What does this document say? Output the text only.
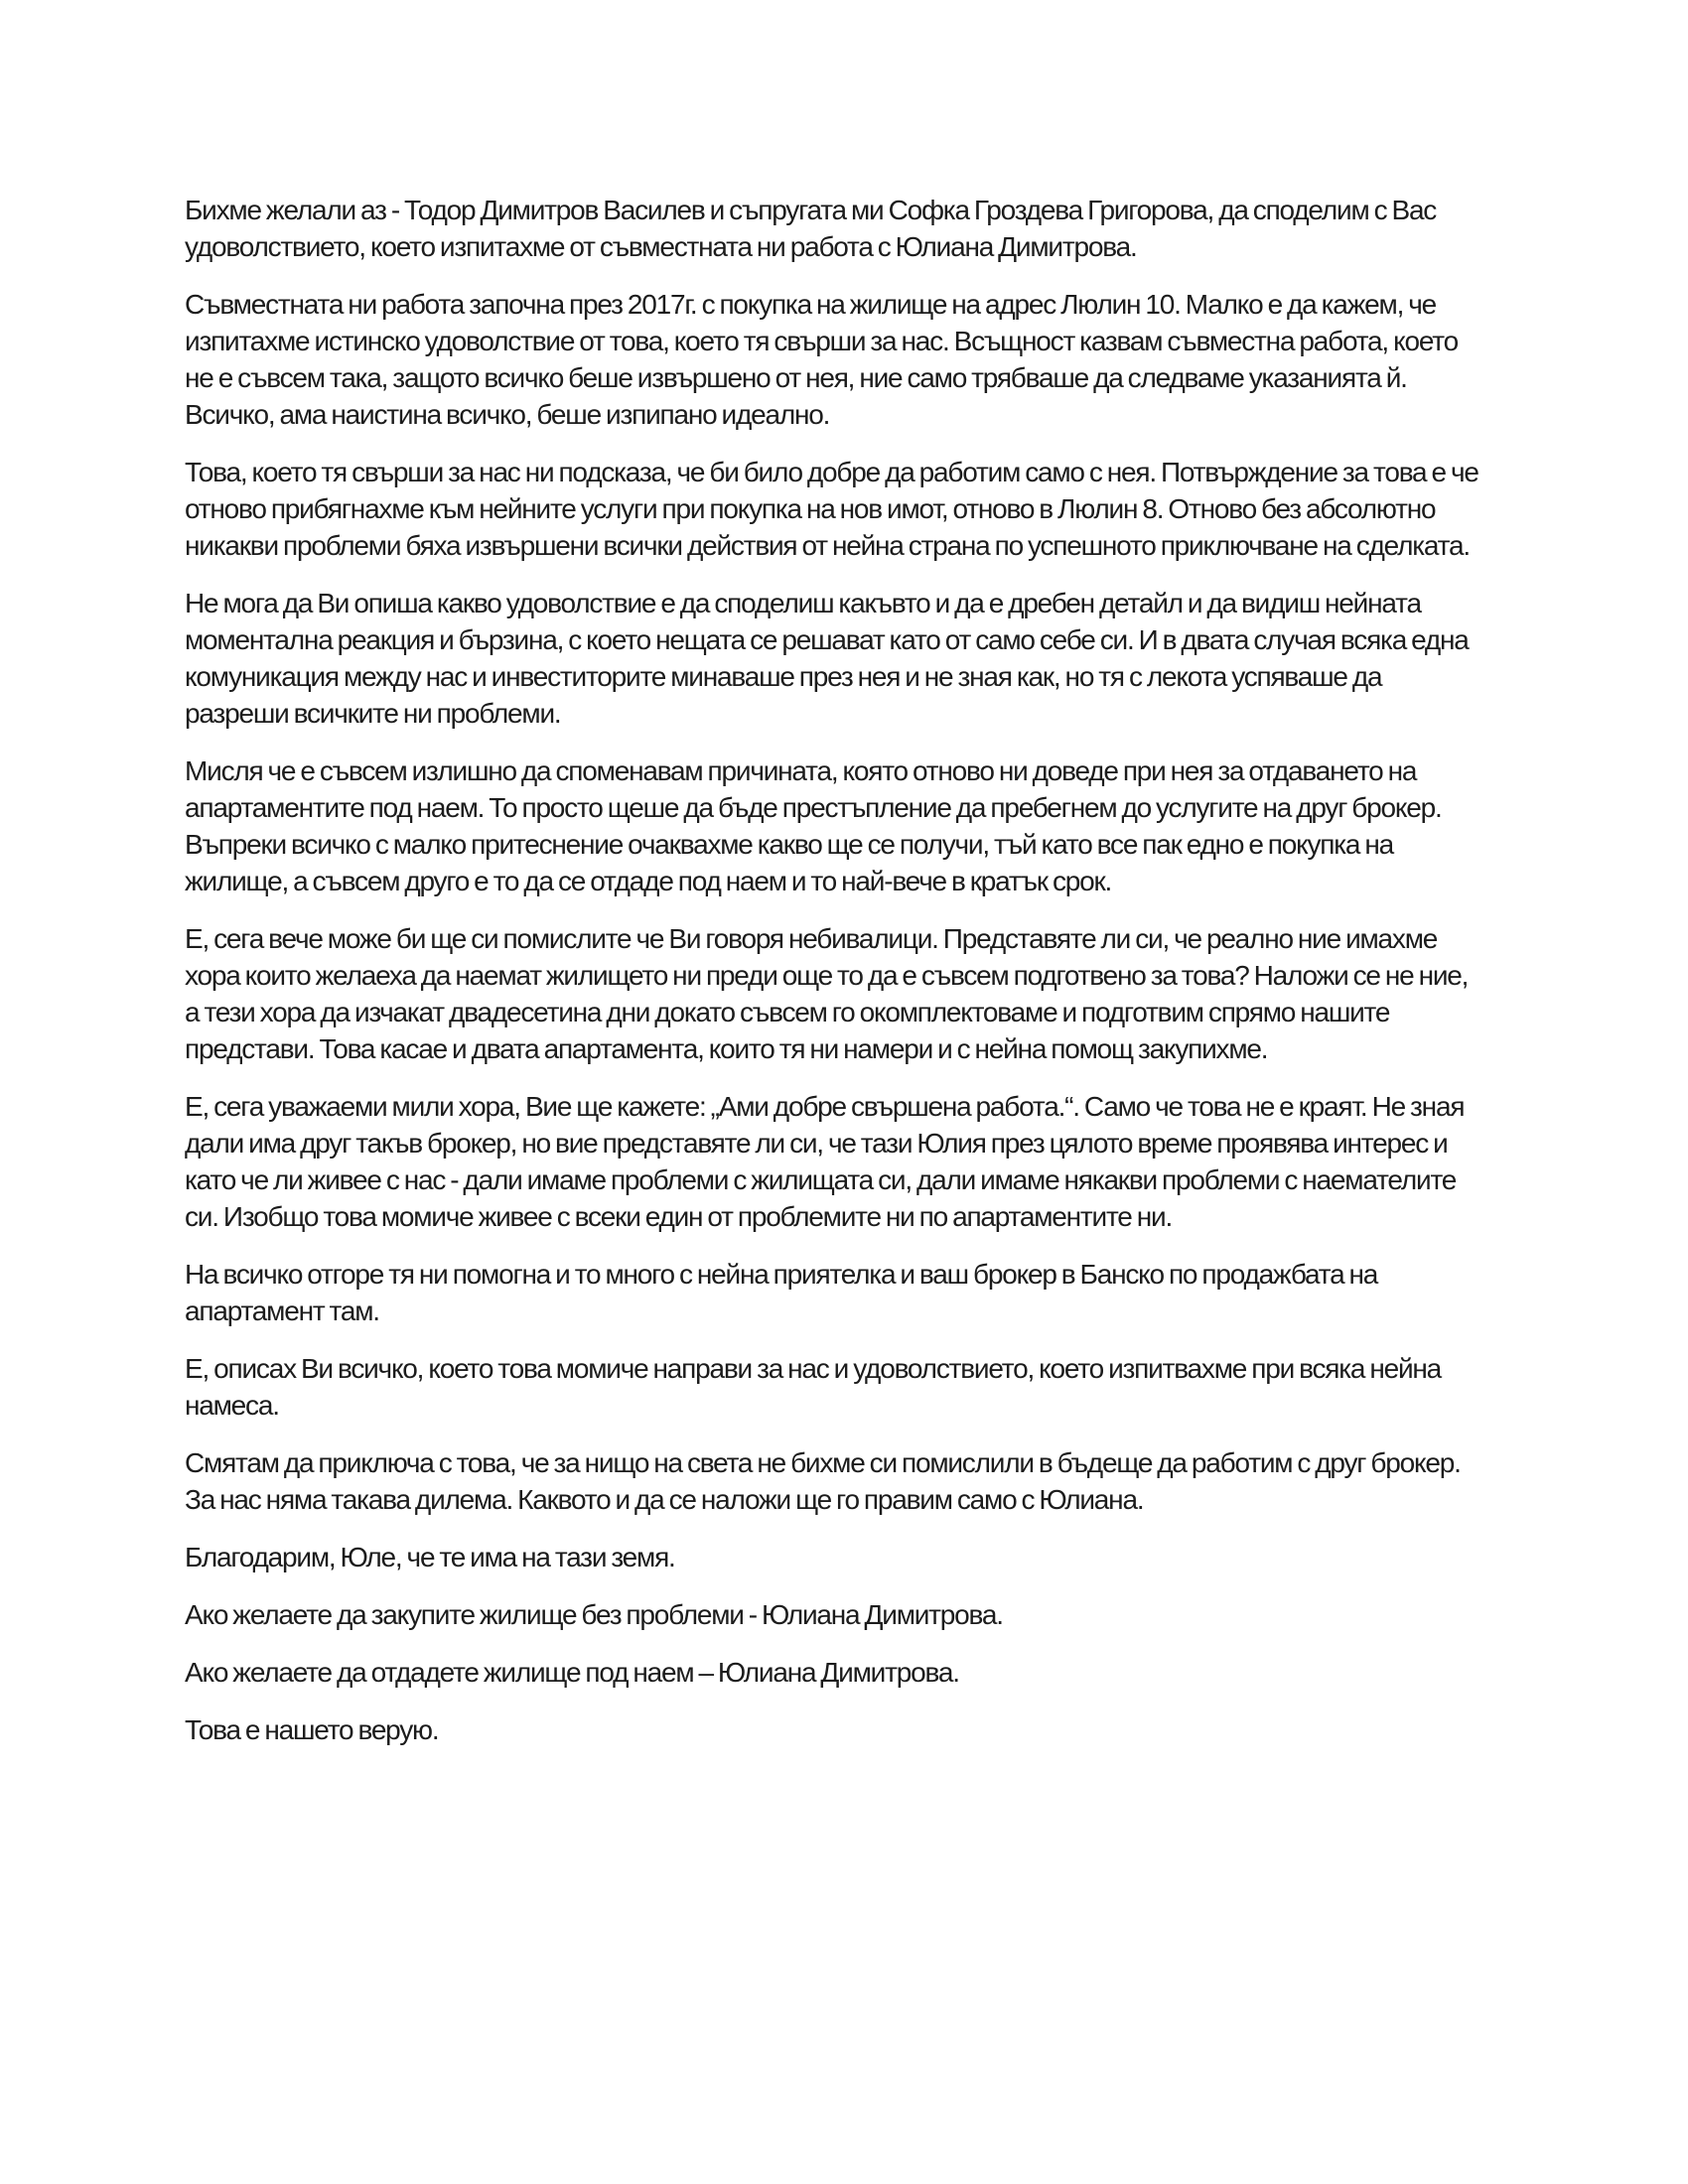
Бихме желали аз - Тодор Димитров Василев и съпругата ми Софка Гроздева Григорова, да споделим с Вас удоволствието, което изпитахме от съвместната ни работа с Юлиана Димитрова.

Съвместната ни работа започна през 2017г. с покупка на жилище на адрес Люлин 10. Малко е да кажем, че изпитахме истинско удоволствие от това, което тя свърши за нас. Всъщност казвам съвместна работа, което не е съвсем така, защото всичко беше извършено от нея, ние само трябваше да следваме указанията й. Всичко, ама наистина всичко, беше изпипано идеално.

Това, което тя свърши за нас ни подсказа, че би било добре да работим само с нея. Потвърждение за това е че отново прибягнахме към нейните услуги при покупка на нов имот, отново в Люлин 8. Отново без абсолютно никакви проблеми бяха извършени всички действия от нейна страна по успешното приключване на сделката.

Не мога да Ви опиша какво удоволствие е да споделиш какъвто и да е дребен детайл и да видиш нейната моментална реакция и бързина, с което нещата се решават като от само себе си. И в двата случая всяка една комуникация между нас и инвеститорите минаваше през нея и не зная как, но тя с лекота успяваше да разреши всичките ни проблеми.

Мисля че е съвсем излишно да споменавам причината, която отново ни доведе при нея за отдаването на апартаментите под наем. То просто щеше да бъде престъпление да пребегнем до услугите на друг брокер. Въпреки всичко с малко притеснение очаквахме какво ще се получи, тъй като все пак едно е покупка на жилище, а съвсем друго е то да се отдаде под наем и то най-вече в кратък срок.

Е, сега вече може би ще си помислите че Ви говоря небивалици. Представяте ли си, че реално ние имахме хора които желаеха да наемат жилището ни преди още то да е съвсем подготвено за това? Наложи се не ние, а тези хора да изчакат двадесетина дни докато съвсем го окомплектоваме и подготвим спрямо нашите представи. Това касае и двата апартамента, които тя ни намери и с нейна помощ закупихме.

Е, сега уважаеми мили хора, Вие ще кажете: „Ами добре свършена работа.“. Само че това не е краят. Не зная дали има друг такъв брокер, но вие представяте ли си, че тази Юлия през цялото време проявява интерес и като че ли живее с нас - дали имаме проблеми с жилищата си, дали имаме някакви проблеми с наемателите си. Изобщо това момиче живее с всеки един от проблемите ни по апартаментите ни.

На всичко отгоре тя ни помогна и то много с нейна приятелка и ваш брокер в Банско по продажбата на апартамент там.

Е, описах Ви всичко, което това момиче направи за нас и удоволствието, което изпитвахме при всяка нейна намеса.

Смятам да приключа с това, че за нищо на света не бихме си помислили в бъдеще да работим с друг брокер. За нас няма такава дилема. Каквото и да се наложи ще го правим само с Юлиана.

Благодарим, Юле, че те има на тази земя.

Ако желаете да закупите жилище без проблеми - Юлиана Димитрова.

Ако желаете да отдадете жилище под наем – Юлиана Димитрова.

Това е нашето верую.
